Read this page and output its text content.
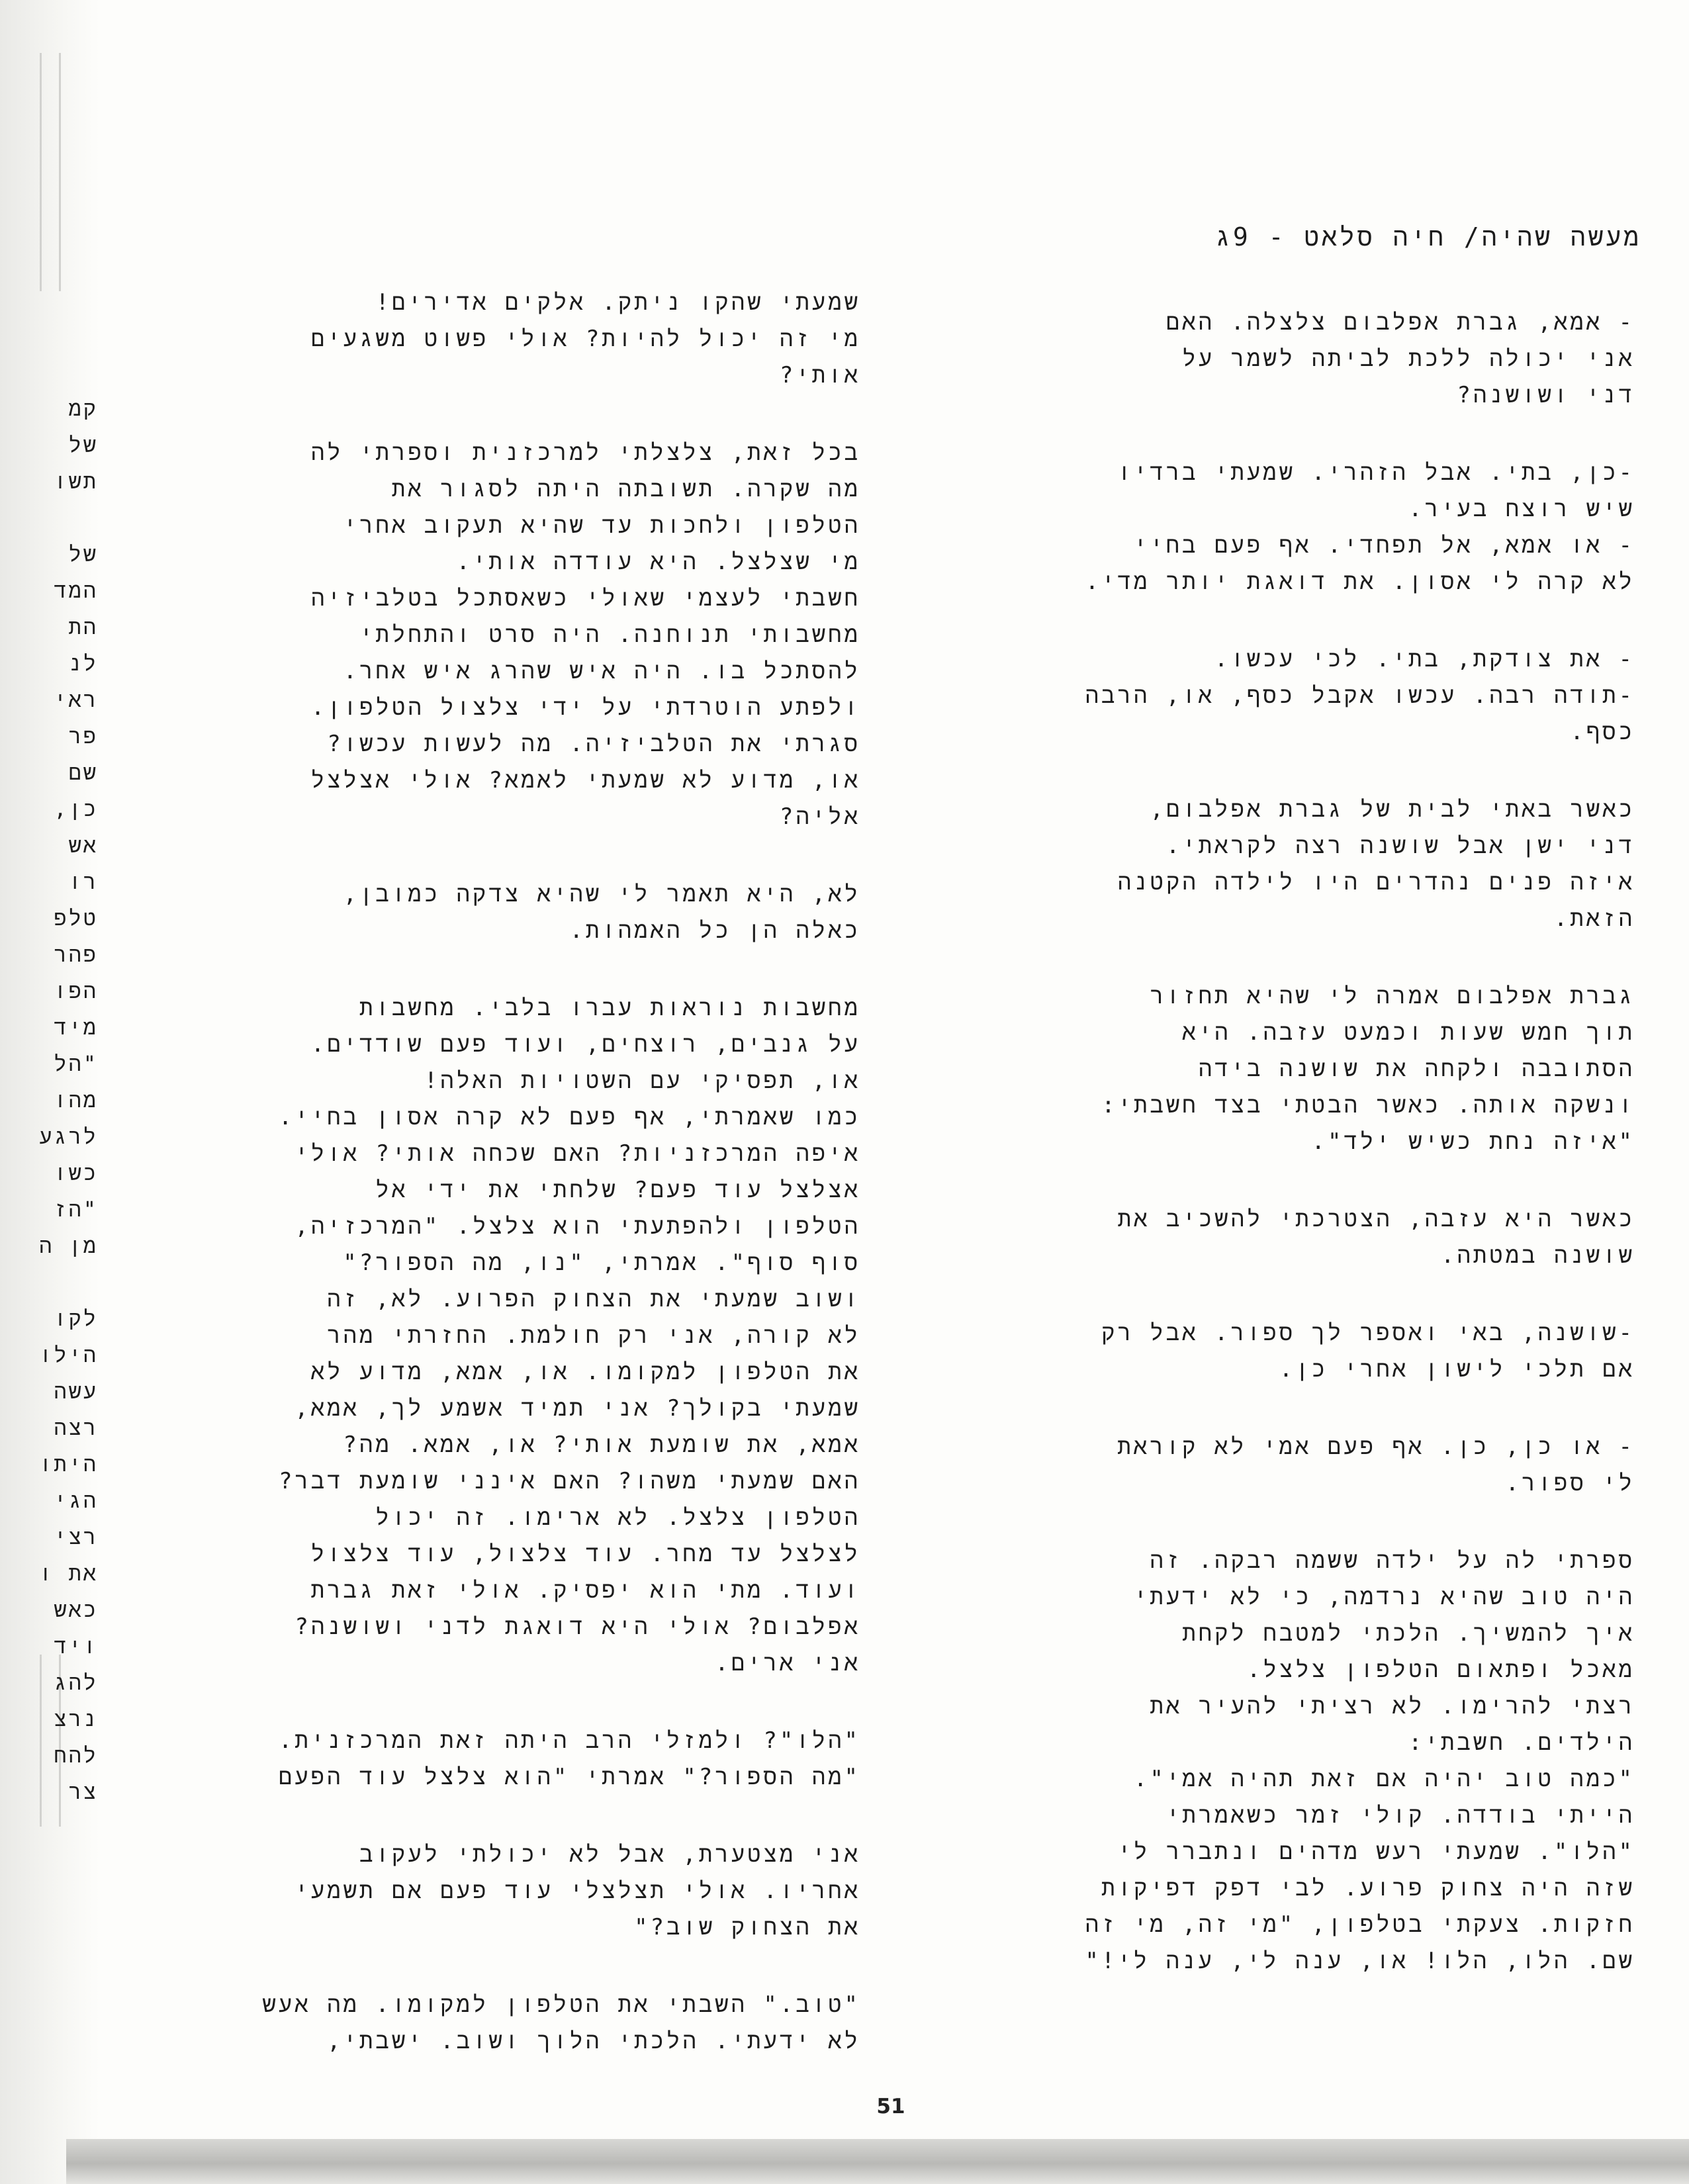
מעשה שהיה/ חיה סלאט - 9ג
- אמא, גברת אפלבום צלצלה. האם
אני יכולה ללכת לביתה לשמר על
דני ושושנה?
-כן, בתי. אבל הזהרי. שמעתי ברדיו
שיש רוצח בעיר.
- או אמא, אל תפחדי. אף פעם בחיי
לא קרה לי אסון. את דואגת יותר מדי.
- את צודקת, בתי. לכי עכשו.
-תודה רבה. עכשו אקבל כסף, או, הרבה
כסף.
כאשר באתי לבית של גברת אפלבום,
דני ישן אבל שושנה רצה לקראתי.
איזה פנים נהדרים היו לילדה הקטנה
הזאת.
גברת אפלבום אמרה לי שהיא תחזור
תוך חמש שעות וכמעט עזבה. היא
הסתובבה ולקחה את שושנה בידה
ונשקה אותה. כאשר הבטתי בצד חשבתי:
"איזה נחת כשיש ילד".
כאשר היא עזבה, הצטרכתי להשכיב את
שושנה במטתה.
-שושנה, באי ואספר לך ספור. אבל רק
אם תלכי לישון אחרי כן.
- או כן, כן. אף פעם אמי לא קוראת
לי ספור.
ספרתי לה על ילדה ששמה רבקה. זה
היה טוב שהיא נרדמה, כי לא ידעתי
איך להמשיך. הלכתי למטבח לקחת
מאכל ופתאום הטלפון צלצל.
רצתי להרימו. לא רציתי להעיר את
הילדים. חשבתי:
"כמה טוב יהיה אם זאת תהיה אמי".
הייתי בודדה. קולי זמר כשאמרתי
"הלו". שמעתי רעש מדהים ונתברר לי
שזה היה צחוק פרוע. לבי דפק דפיקות
חזקות. צעקתי בטלפון, "מי זה, מי זה
שם. הלו, הלו! או, ענה לי, ענה לי!"
שמעתי שהקו ניתק. אלקים אדירים!
מי זה יכול להיות? אולי פשוט משגעים
אותי?
בכל זאת, צלצלתי למרכזנית וספרתי לה
מה שקרה. תשובתה היתה לסגור את
הטלפון ולחכות עד שהיא תעקוב אחרי
מי שצלצל. היא עודדה אותי.
חשבתי לעצמי שאולי כשאסתכל בטלביזיה
מחשבותי תנוחנה. היה סרט והתחלתי
להסתכל בו. היה איש שהרג איש אחר.
ולפתע הוטרדתי על ידי צלצול הטלפון.
סגרתי את הטלביזיה. מה לעשות עכשו?
או, מדוע לא שמעתי לאמא? אולי אצלצל
אליה?
לא, היא תאמר לי שהיא צדקה כמובן,
כאלה הן כל האמהות.
מחשבות נוראות עברו בלבי. מחשבות
על גנבים, רוצחים, ועוד פעם שודדים.
או, תפסיקי עם השטויות האלה!
כמו שאמרתי, אף פעם לא קרה אסון בחיי.
איפה המרכזניות? האם שכחה אותי? אולי
אצלצל עוד פעם? שלחתי את ידי אל
הטלפון ולהפתעתי הוא צלצל. "המרכזיה,
סוף סוף". אמרתי, "נו, מה הספור?"
ושוב שמעתי את הצחוק הפרוע. לא, זה
לא קורה, אני רק חולמת. החזרתי מהר
את הטלפון למקומו. או, אמא, מדוע לא
שמעתי בקולך? אני תמיד אשמע לך, אמא,
אמא, את שומעת אותי? או, אמא. מה?
האם שמעתי משהו? האם אינני שומעת דבר?
הטלפון צלצל. לא ארימו. זה יכול
לצלצל עד מחר. עוד צלצול, עוד צלצול
ועוד. מתי הוא יפסיק. אולי זאת גברת
אפלבום? אולי היא דואגת לדני ושושנה?
אני ארים.
"הלו"? ולמזלי הרב היתה זאת המרכזנית.
"מה הספור?" אמרתי "הוא צלצל עוד הפעם
אני מצטערת, אבל לא יכולתי לעקוב
אחריו. אולי תצלצלי עוד פעם אם תשמעי
את הצחוק שוב?"
"טוב." השבתי את הטלפון למקומו. מה אעש
לא ידעתי. הלכתי הלוך ושוב. ישבתי,
קמ
של
תשו
של
המד
הת
לנ
ראי
פר
שם
כן,
אש
רו
טלפ
פהר
הפו
מיד
"הל
מהו
לרגע
כשו
"הז
מן ה
לקו
הילו
עשה
רצה
היתו
הגי
רצי
את ו
כאש
ויד
להג
נרצ
להח
צר
51
